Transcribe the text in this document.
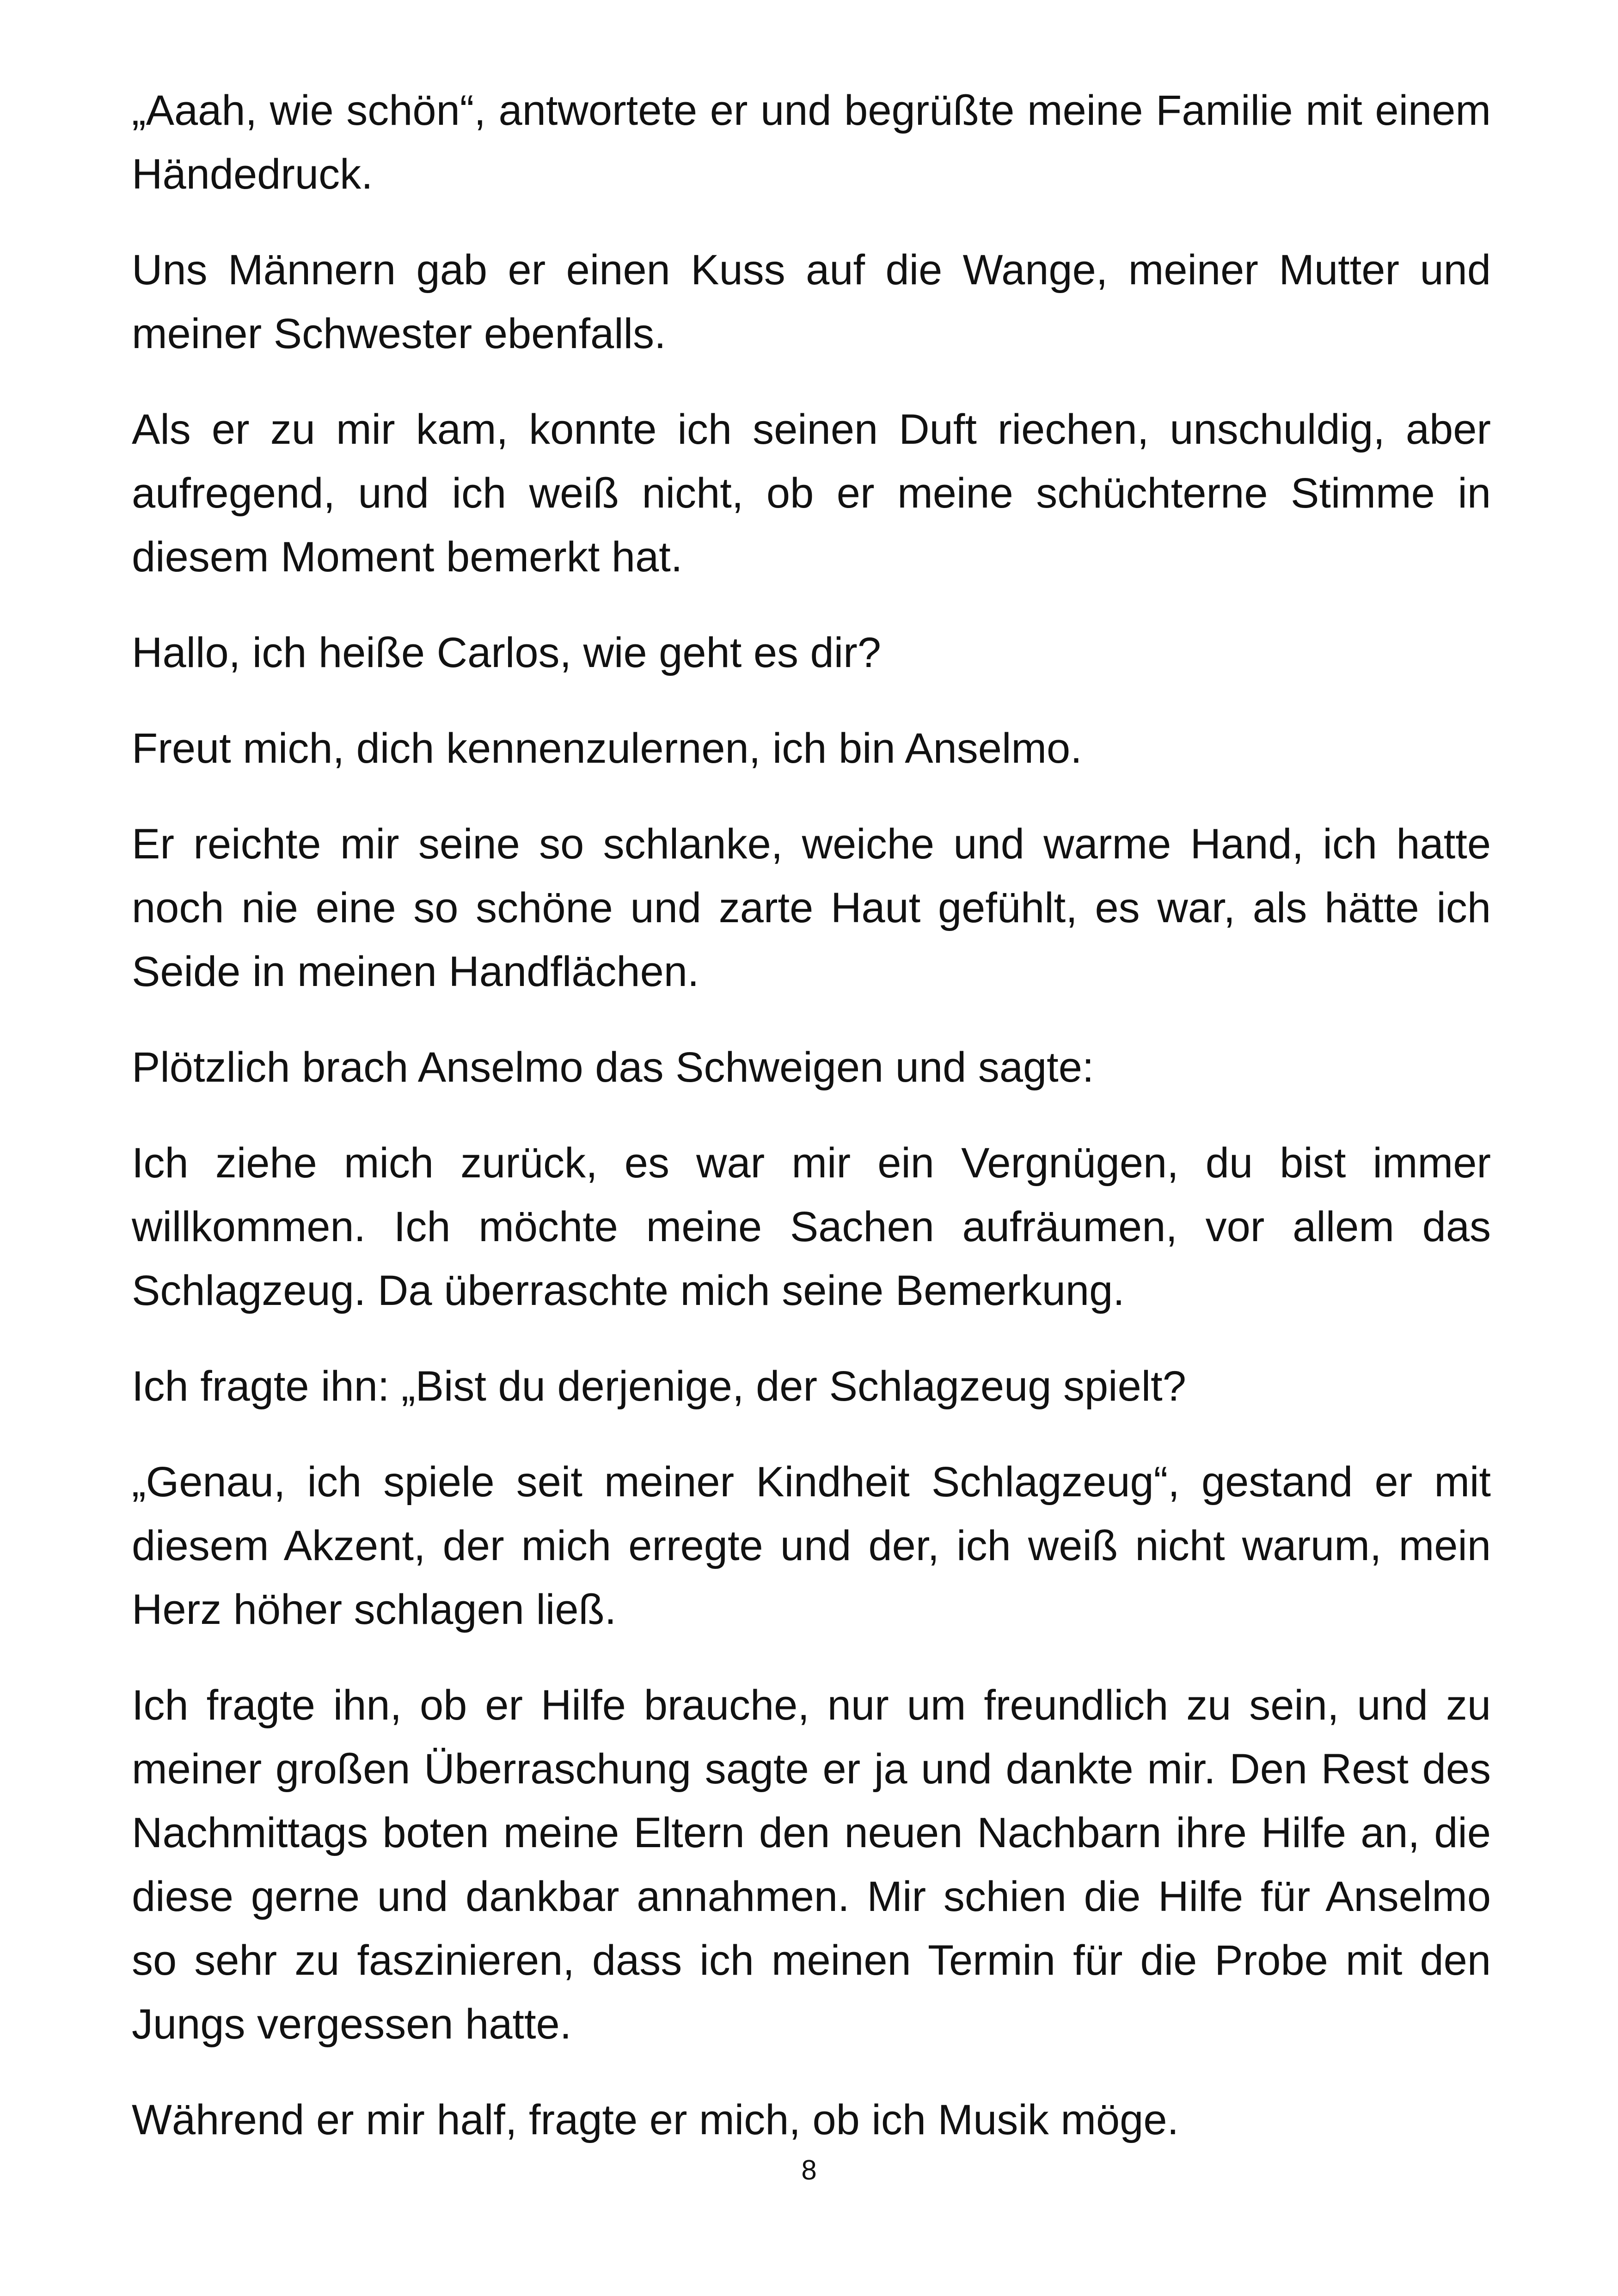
„Aaah, wie schön“, antwortete er und begrüßte meine Familie mit einem Händedruck.

Uns Männern gab er einen Kuss auf die Wange, meiner Mutter und meiner Schwester ebenfalls.

Als er zu mir kam, konnte ich seinen Duft riechen, unschuldig, aber aufregend, und ich weiß nicht, ob er meine schüchterne Stimme in diesem Moment bemerkt hat.

Hallo, ich heiße Carlos, wie geht es dir?

Freut mich, dich kennenzulernen, ich bin Anselmo.

Er reichte mir seine so schlanke, weiche und warme Hand, ich hatte noch nie eine so schöne und zarte Haut gefühlt, es war, als hätte ich Seide in meinen Handflächen.

Plötzlich brach Anselmo das Schweigen und sagte:

Ich ziehe mich zurück, es war mir ein Vergnügen, du bist immer willkommen. Ich möchte meine Sachen aufräumen, vor allem das Schlagzeug. Da überraschte mich seine Bemerkung.

Ich fragte ihn: „Bist du derjenige, der Schlagzeug spielt?

„Genau, ich spiele seit meiner Kindheit Schlagzeug“, gestand er mit diesem Akzent, der mich erregte und der, ich weiß nicht warum, mein Herz höher schlagen ließ.

Ich fragte ihn, ob er Hilfe brauche, nur um freundlich zu sein, und zu meiner großen Überraschung sagte er ja und dankte mir. Den Rest des Nachmittags boten meine Eltern den neuen Nachbarn ihre Hilfe an, die diese gerne und dankbar annahmen. Mir schien die Hilfe für Anselmo so sehr zu faszinieren, dass ich meinen Termin für die Probe mit den Jungs vergessen hatte.

Während er mir half, fragte er mich, ob ich Musik möge.

8
